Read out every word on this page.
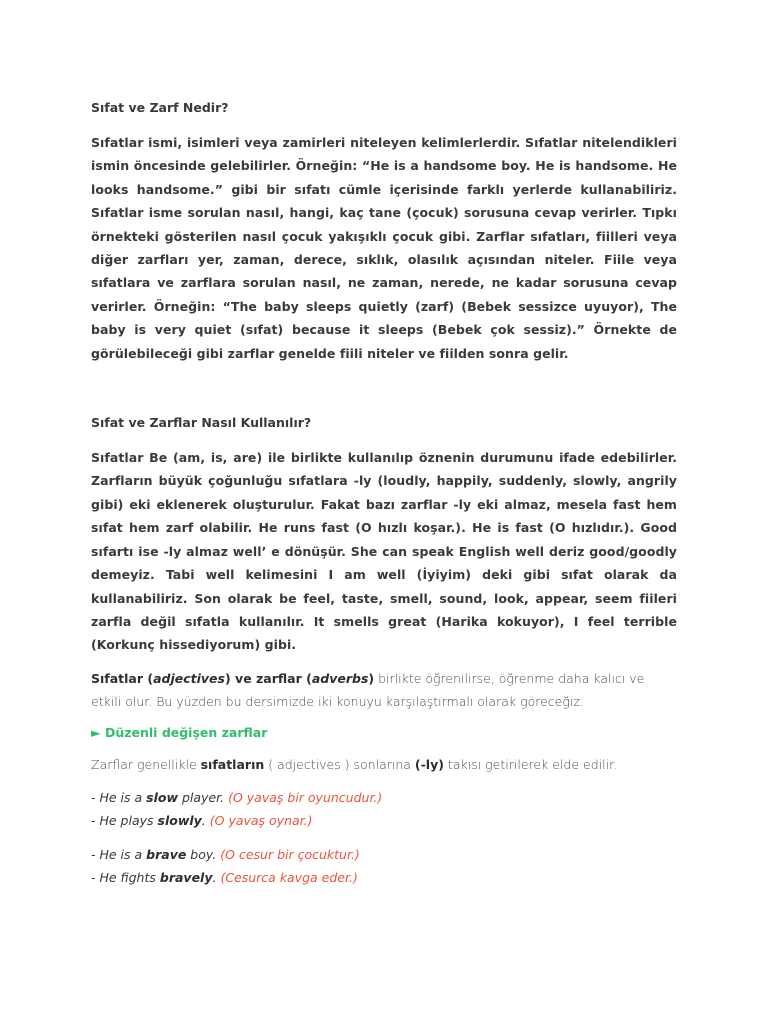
Sıfat ve Zarf Nedir?

Sıfatlar ismi, isimleri veya zamirleri niteleyen kelimlerlerdir. Sıfatlar nitelendikleri ismin öncesinde gelebilirler. Örneğin: “He is a handsome boy. He is handsome. He looks handsome.” gibi bir sıfatı cümle içerisinde farklı yerlerde kullanabiliriz. Sıfatlar isme sorulan nasıl, hangi, kaç tane (çocuk) sorusuna cevap verirler. Tıpkı örnekteki gösterilen nasıl çocuk yakışıklı çocuk gibi. Zarflar sıfatları, fiilleri veya diğer zarfları yer, zaman, derece, sıklık, olasılık açısından niteler. Fiile veya sıfatlara ve zarflara sorulan nasıl, ne zaman, nerede, ne kadar sorusuna cevap verirler. Örneğin: “The baby sleeps quietly (zarf) (Bebek sessizce uyuyor), The baby is very quiet (sıfat) because it sleeps (Bebek çok sessiz).” Örnekte de görülebileceği gibi zarflar genelde fiili niteler ve fiilden sonra gelir.

Sıfat ve Zarflar Nasıl Kullanılır?

Sıfatlar Be (am, is, are) ile birlikte kullanılıp öznenin durumunu ifade edebilirler. Zarfların büyük çoğunluğu sıfatlara -ly (loudly, happily, suddenly, slowly, angrily gibi) eki eklenerek oluşturulur. Fakat bazı zarflar -ly eki almaz, mesela fast hem sıfat hem zarf olabilir. He runs fast (O hızlı koşar.). He is fast (O hızlıdır.). Good sıfartı ise -ly almaz well’ e dönüşür. She can speak English well deriz good/goodly demeyiz. Tabi well kelimesini I am well (İyiyim) deki gibi sıfat olarak da kullanabiliriz. Son olarak be feel, taste, smell, sound, look, appear, seem fiileri zarfla değil sıfatla kullanılır. It smells great (Harika kokuyor), I feel terrible (Korkunç hissediyorum) gibi.

Sıfatlar (adjectives) ve zarflar (adverbs) birlikte öğrenilirse, öğrenme daha kalıcı ve etkili olur. Bu yüzden bu dersimizde iki konuyu karşılaştırmalı olarak göreceğiz.

► Düzenli değişen zarflar

Zarflar genellikle sıfatların ( adjectives ) sonlarına (-ly) takısı getirilerek elde edilir.

- He is a slow player. (O yavaş bir oyuncudur.)

- He plays slowly. (O yavaş oynar.)

- He is a brave boy. (O cesur bir çocuktur.)

- He fights bravely. (Cesurca kavga eder.)
